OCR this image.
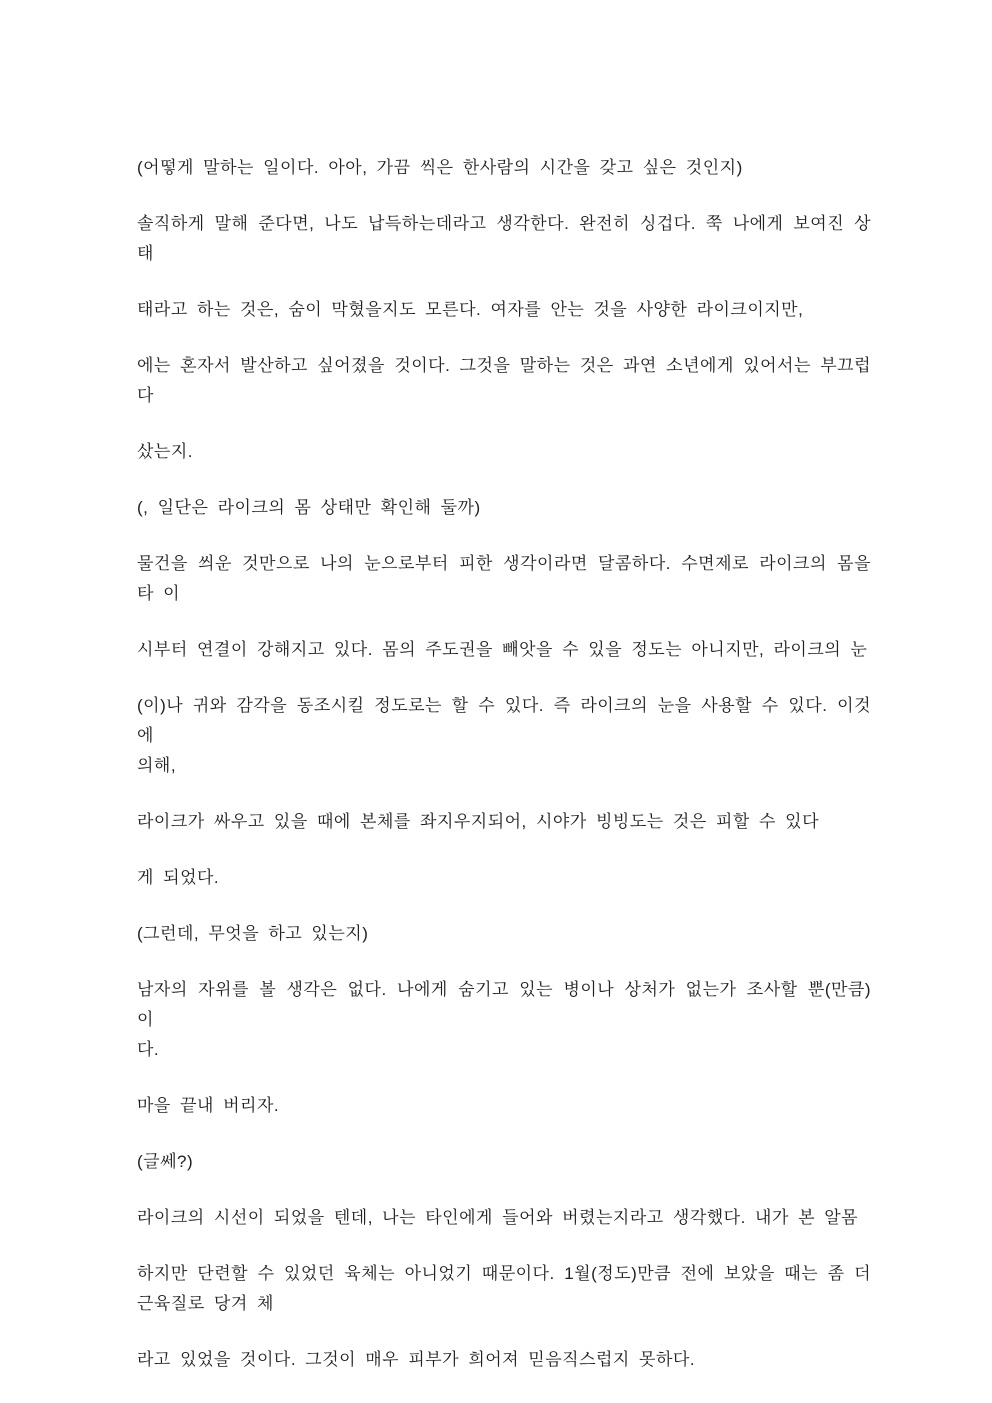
(어떻게 말하는 일이다. 아아, 가끔 씩은 한사람의 시간을 갖고 싶은 것인지)
솔직하게 말해 준다면, 나도 납득하는데라고 생각한다. 완전히 싱겁다. 쭉 나에게 보여진 상태
태라고 하는 것은, 숨이 막혔을지도 모른다. 여자를 안는 것을 사양한 라이크이지만,
에는 혼자서 발산하고 싶어졌을 것이다. 그것을 말하는 것은 과연 소년에게 있어서는 부끄럽
다
샀는지.
(, 일단은 라이크의 몸 상태만 확인해 둘까)
물건을 씌운 것만으로 나의 눈으로부터 피한 생각이라면 달콤하다. 수면제로 라이크의 몸을
타 이
시부터 연결이 강해지고 있다. 몸의 주도권을 빼앗을 수 있을 정도는 아니지만, 라이크의 눈
(이)나 귀와 감각을 동조시킬 정도로는 할 수 있다. 즉 라이크의 눈을 사용할 수 있다. 이것에
의해,
라이크가 싸우고 있을 때에 본체를 좌지우지되어, 시야가 빙빙도는 것은 피할 수 있다
게 되었다.
(그런데, 무엇을 하고 있는지)
남자의 자위를 볼 생각은 없다. 나에게 숨기고 있는 병이나 상처가 없는가 조사할 뿐(만큼)이
다.
마을 끝내 버리자.
(글쎄?)
라이크의 시선이 되었을 텐데, 나는 타인에게 들어와 버렸는지라고 생각했다. 내가 본 알몸
하지만 단련할 수 있었던 육체는 아니었기 때문이다. 1월(정도)만큼 전에 보았을 때는 좀 더
근육질로 당겨 체
라고 있었을 것이다. 그것이 매우 피부가 희어져 믿음직스럽지 못하다.
